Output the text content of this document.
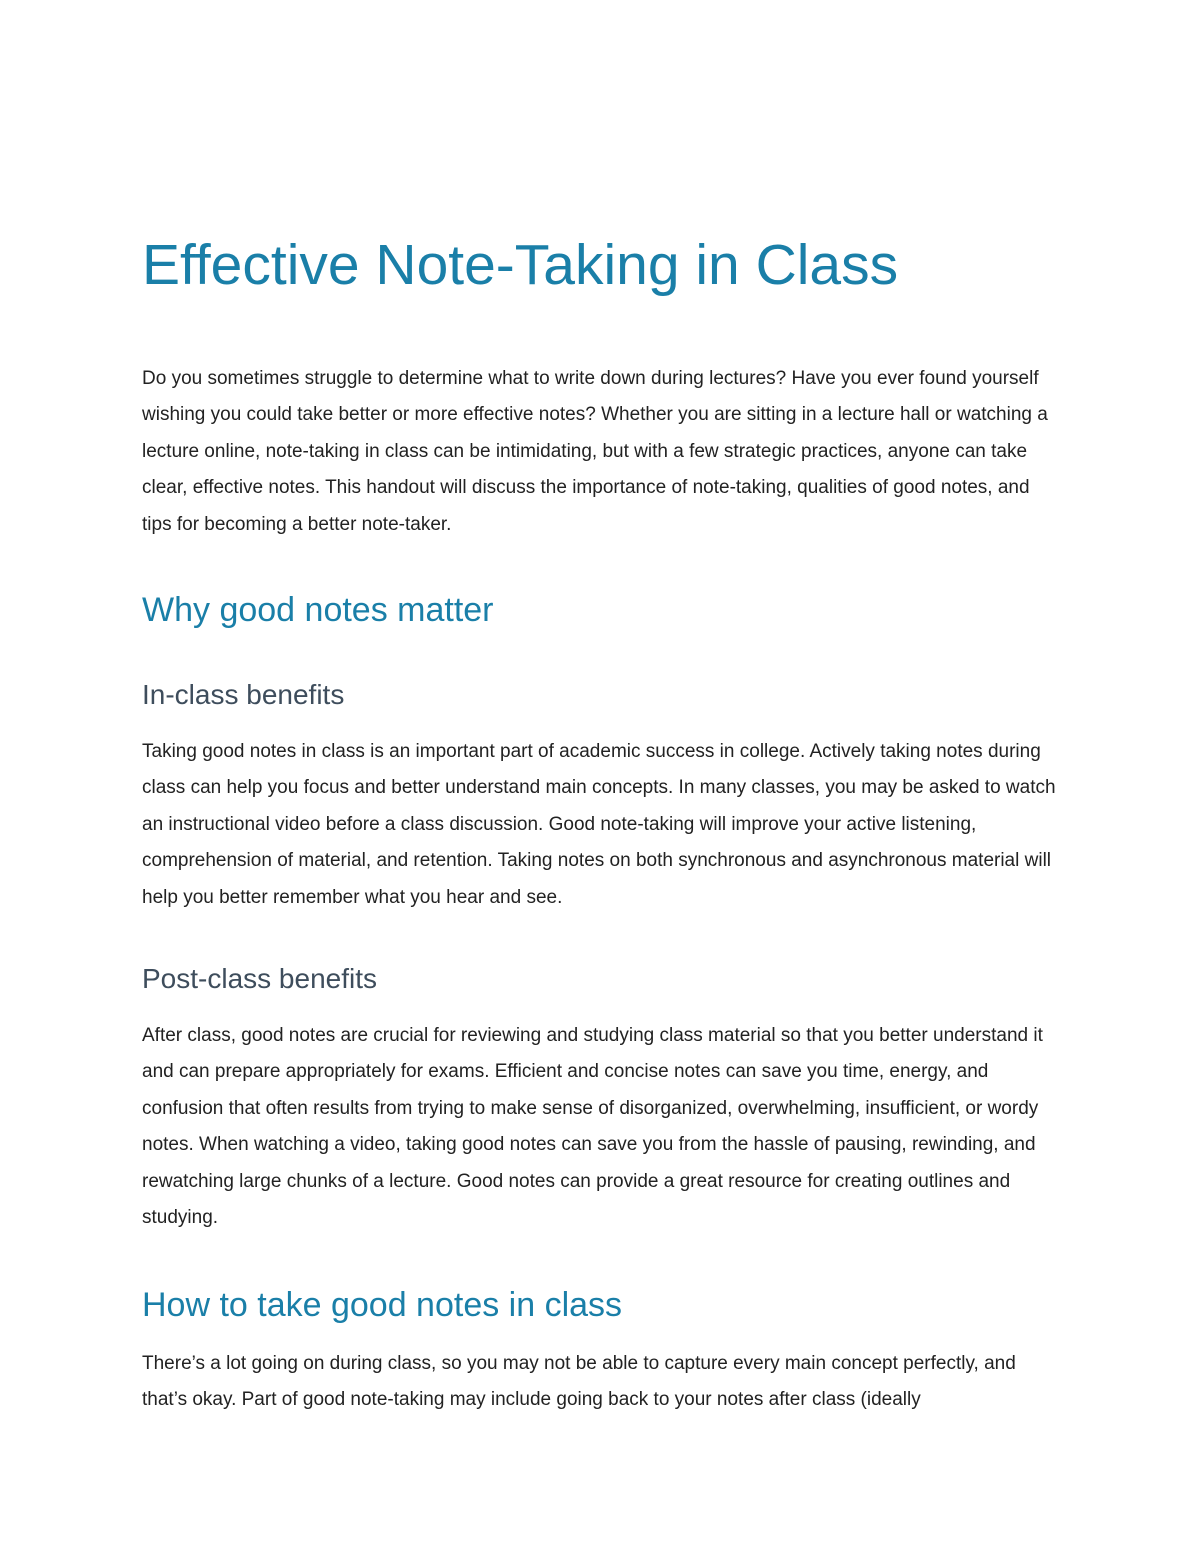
Effective Note-Taking in Class

Do you sometimes struggle to determine what to write down during lectures? Have you ever found yourself wishing you could take better or more effective notes? Whether you are sitting in a lecture hall or watching a lecture online, note-taking in class can be intimidating, but with a few strategic practices, anyone can take clear, effective notes. This handout will discuss the importance of note-taking, qualities of good notes, and tips for becoming a better note-taker.

Why good notes matter
In-class benefits

Taking good notes in class is an important part of academic success in college. Actively taking notes during class can help you focus and better understand main concepts. In many classes, you may be asked to watch an instructional video before a class discussion. Good note-taking will improve your active listening, comprehension of material, and retention. Taking notes on both synchronous and asynchronous material will help you better remember what you hear and see.

Post-class benefits

After class, good notes are crucial for reviewing and studying class material so that you better understand it and can prepare appropriately for exams. Efficient and concise notes can save you time, energy, and confusion that often results from trying to make sense of disorganized, overwhelming, insufficient, or wordy notes. When watching a video, taking good notes can save you from the hassle of pausing, rewinding, and rewatching large chunks of a lecture. Good notes can provide a great resource for creating outlines and studying.

How to take good notes in class

There’s a lot going on during class, so you may not be able to capture every main concept perfectly, and that’s okay. Part of good note-taking may include going back to your notes after class (ideally
